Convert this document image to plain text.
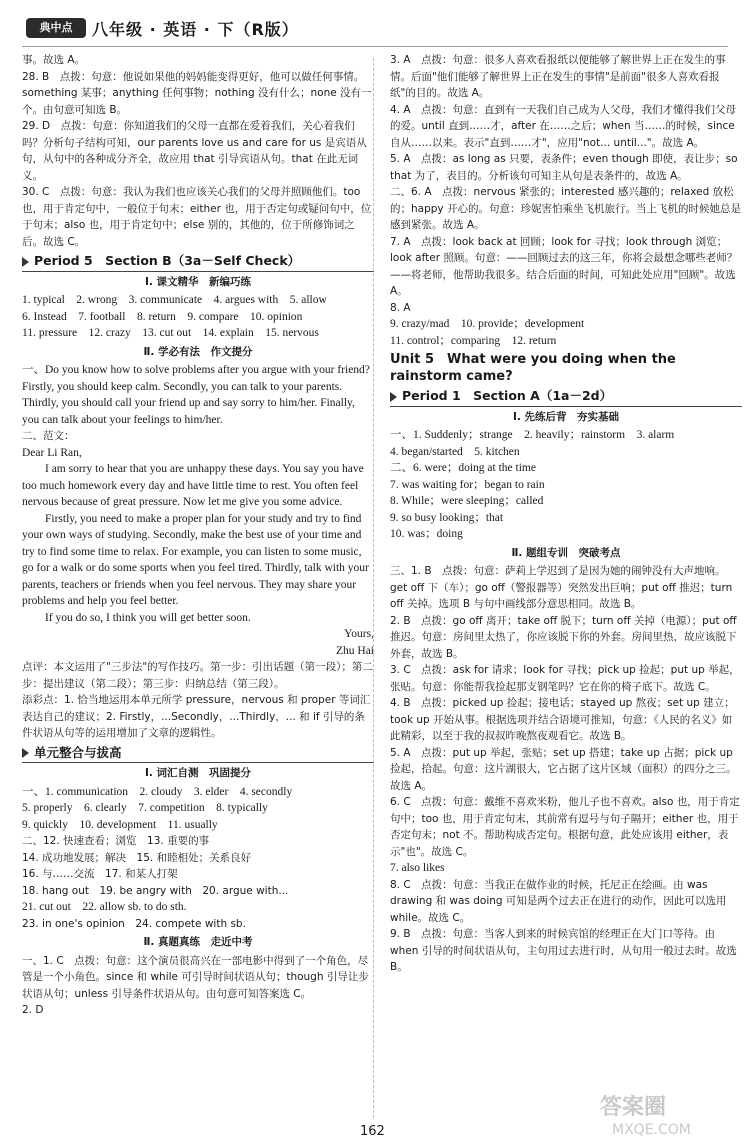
典中点	八年级 · 英语 · 下（R版）
事。故选 A。
28. B　点拨：句意：他说如果他的妈妈能变得更好，他可以做任何事情。something 某事；anything 任何事物；nothing 没有什么；none 没有一个。由句意可知选 B。
29. D　点拨：句意：你知道我们的父母一直都在爱着我们，关心着我们吗？分析句子结构可知，our parents love us and care for us 是宾语从句，从句中的各种成分齐全，故应用 that 引导宾语从句。that 在此无词义。
30. C　点拨：句意：我认为我们也应该关心我们的父母并照顾他们。too 也，用于肯定句中，一般位于句末；either 也，用于否定句或疑问句中，位于句末；also 也，用于肯定句中；else 别的，其他的，位于所修饰词之后。故选 C。
Period 5　Section B（3a－Self Check）
Ⅰ. 课文精华　新编巧练
1. typical　2. wrong　3. communicate　4. argues with　5. allow
6. Instead　7. football　8. return　9. compare　10. opinion
11. pressure　12. crazy　13. cut out　14. explain　15. nervous
Ⅱ. 学必有法　作文提分
一、Do you know how to solve problems after you argue with your friend? Firstly, you should keep calm. Secondly, you can talk to your parents. Thirdly, you should call your friend up and say sorry to him/her. Finally, you can talk about your feelings to him/her.
二、范文：
Dear Li Ran,
I am sorry to hear that you are unhappy these days. You say you have too much homework every day and have little time to rest. You often feel nervous because of great pressure. Now let me give you some advice.
Firstly, you need to make a proper plan for your study and try to find your own ways of studying. Secondly, make the best use of your time and try to find some time to relax. For example, you can listen to some music, go for a walk or do some sports when you feel tired. Thirdly, talk with your parents, teachers or friends when you feel nervous. They may share your problems and help you feel better.
If you do so, I think you will get better soon.
Yours,
Zhu Hai
点评：本文运用了"三步法"的写作技巧。第一步：引出话题（第一段）；第二步：提出建议（第二段）；第三步：归纳总结（第三段）。
添彩点：1. 恰当地运用本单元所学 pressure，nervous 和 proper 等词汇表达自己的建议；2. Firstly，...Secondly，...Thirdly，... 和 if 引导的条件状语从句等的运用增加了文章的逻辑性。
单元整合与拔高
Ⅰ. 词汇自测　巩固提分
一、1. communication　2. cloudy　3. elder　4. secondly
5. properly　6. clearly　7. competition　8. typically
9. quickly　10. development　11. usually
二、12. 快速查看；浏览　13. 重要的事
14. 成功地发展；解决　15. 和睦相处；关系良好
16. 与……交流　17. 和某人打架
18. hang out　19. be angry with　20. argue with...
21. cut out　22. allow sb. to do sth.
23. in one's opinion　24. compete with sb.
Ⅱ. 真题真练　走近中考
一、1. C　点拨：句意：这个演员很高兴在一部电影中得到了一个角色，尽管是一个小角色。since 和 while 可引导时间状语从句；though 引导让步状语从句；unless 引导条件状语从句。由句意可知答案选 C。
2. D
3. A　点拨：句意：很多人喜欢看报纸以便能够了解世界上正在发生的事情。后面"他们能够了解世界上正在发生的事情"是前面"很多人喜欢看报纸"的目的。故选 A。
4. A　点拨：句意：直到有一天我们自己成为人父母，我们才懂得我们父母的爱。until 直到……才，after 在……之后；when 当……的时候，since 自从……以来。表示"直到……才"，应用"not... until..."。故选 A。
5. A　点拨：as long as 只要，表条件；even though 即使，表让步；so that 为了，表目的。分析该句可知主从句是表条件的，故选 A。
二、6. A　点拨：nervous 紧张的；interested 感兴趣的；relaxed 放松的；happy 开心的。句意：珍妮害怕乘坐飞机旅行。当上飞机的时候她总是感到紧张。故选 A。
7. A　点拨：look back at 回顾；look for 寻找；look through 浏览；look after 照顾。句意：——回顾过去的这三年，你将会最想念哪些老师？——将老师，他帮助我很多。结合后面的时间，可知此处应用"回顾"。故选 A。
8. A
9. crazy/mad　10. provide；development
11. control；comparing　12. return
Unit 5　What were you doing when the rainstorm came?
Period 1　Section A（1a－2d）
Ⅰ. 先练后背　夯实基础
一、1. Suddenly；strange　2. heavily；rainstorm　3. alarm
4. began/started　5. kitchen
二、6. were；doing at the time
7. was waiting for；began to rain
8. While；were sleeping；called
9. so busy looking；that
10. was；doing
Ⅱ. 题组专训　突破考点
三、1. B　点拨：句意：萨莉上学迟到了是因为她的闹钟没有大声地响。get off 下（车）；go off（警报器等）突然发出巨响；put off 推迟；turn off 关掉。选项 B 与句中画线部分意思相同。故选 B。
2. B　点拨：go off 离开；take off 脱下；turn off 关掉（电源）；put off 推迟。句意：房间里太热了，你应该脱下你的外套。房间里热，故应该脱下外套，故选 B。
3. C　点拨：ask for 请求；look for 寻找；pick up 捡起；put up 举起，张贴。句意：你能帮我捡起那支钢笔吗？它在你的椅子底下。故选 C。
4. B　点拨：picked up 捡起；接电话；stayed up 熬夜；set up 建立；took up 开始从事。根据选项并结合语境可推知，句意：《人民的名义》如此精彩，以至于我的叔叔昨晚熬夜观看它。故选 B。
5. A　点拨：put up 举起，张贴；set up 搭建；take up 占据；pick up 捡起，拾起。句意：这片湖很大，它占据了这片区域（面积）的四分之三。故选 A。
6. C　点拨：句意：戴维不喜欢米粉，他儿子也不喜欢。also 也，用于肯定句中；too 也，用于肯定句末，其前常有逗号与句子隔开；either 也，用于否定句末；not 不。帮助构成否定句。根据句意，此处应该用 either，表示"也"。故选 C。
7. also likes
8. C　点拨：句意：当我正在做作业的时候，托尼正在绘画。由 was drawing 和 was doing 可知是两个过去正在进行的动作，因此可以选用 while。故选 C。
9. B　点拨：句意：当客人到来的时候宾馆的经理正在大门口等待。由 when 引导的时间状语从句，主句用过去进行时，从句用一般过去时。故选 B。
162
答案圈
MXQE.COM
